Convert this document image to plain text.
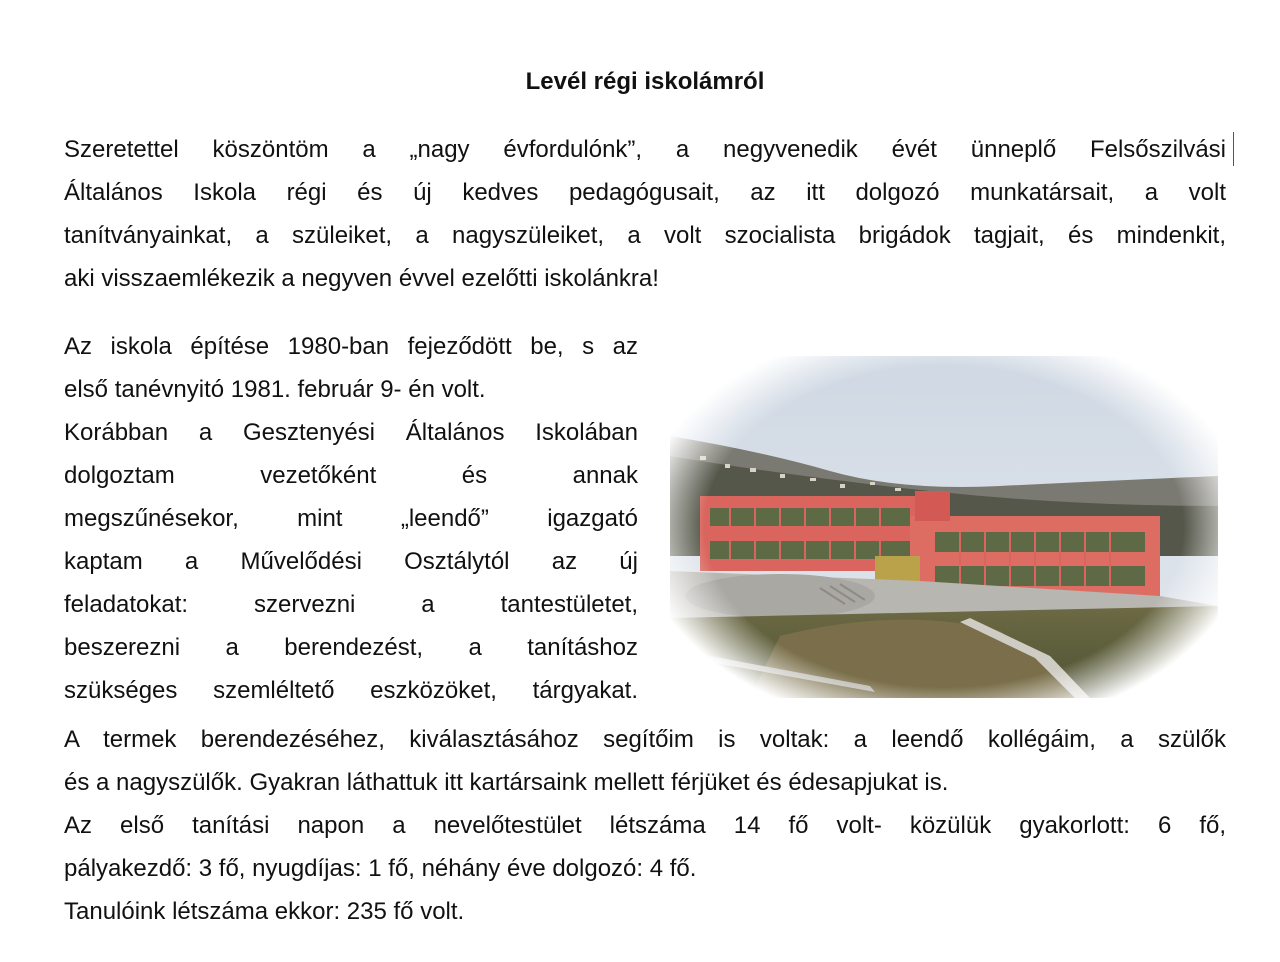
Levél régi iskolámról
Szeretettel köszöntöm a „nagy évfordulónk”, a negyvenedik évét ünneplő Felsőszilvási
Általános Iskola régi és új kedves pedagógusait, az itt dolgozó munkatársait, a volt
tanítványainkat, a szüleiket, a nagyszüleiket, a volt szocialista brigádok tagjait, és mindenkit,
aki visszaemlékezik a negyven évvel ezelőtti iskolánkra!
Az iskola építése 1980-ban fejeződött be, s az
első tanévnyitó 1981. február 9- én volt.
Korábban a Gesztenyési Általános Iskolában
dolgoztam vezetőként és annak
megszűnésekor, mint „leendő” igazgató
kaptam a Művelődési Osztálytól az új
feladatokat: szervezni a tantestületet,
beszerezni a berendezést, a tanításhoz
szükséges szemléltető eszközöket, tárgyakat.
A termek berendezéséhez, kiválasztásához segítőim is voltak: a leendő kollégáim, a szülők
és a nagyszülők. Gyakran láthattuk itt kartársaink mellett férjüket és édesapjukat is.
Az első tanítási napon a nevelőtestület létszáma 14 fő volt- közülük gyakorlott: 6 fő,
pályakezdő: 3 fő, nyugdíjas: 1 fő, néhány éve dolgozó: 4 fő.
Tanulóink létszáma ekkor: 235 fő volt.
